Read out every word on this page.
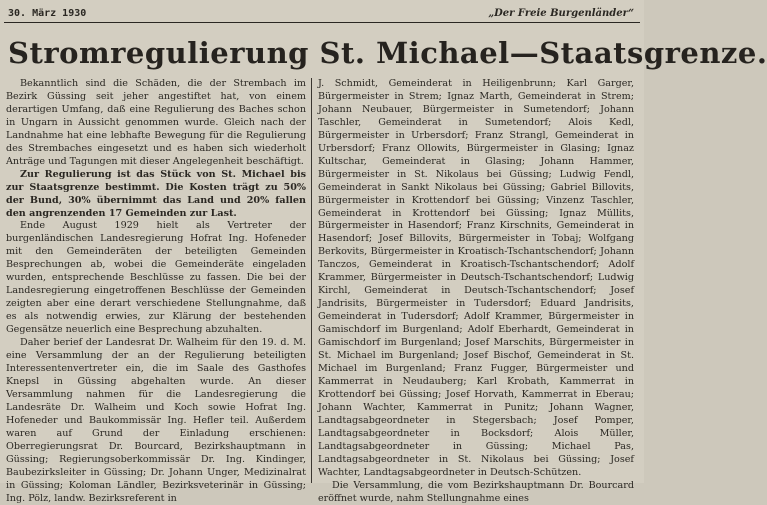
30. März 1930	„Der Freie Burgenländer“
Stromregulierung St. Michael—Staatsgrenze.

Bekanntlich sind die Schäden, die der Strembach im Bezirk Güssing seit jeher angestiftet hat, von einem derartigen Umfang, daß eine Regulierung des Baches schon in Ungarn in Aussicht genommen wurde. Gleich nach der Landnahme hat eine lebhafte Bewegung für die Regulierung des Strembaches eingesetzt und es haben sich wiederholt Anträge und Tagungen mit dieser Angelegenheit beschäftigt.

Zur Regulierung ist das Stück von St. Michael bis zur Staatsgrenze bestimmt. Die Kosten trägt zu 50% der Bund, 30% übernimmt das Land und 20% fallen den angrenzenden 17 Gemeinden zur Last.

Ende August 1929 hielt als Vertreter der burgenländischen Landesregierung Hofrat Ing. Hofeneder mit den Gemeinderäten der beteiligten Gemeinden Besprechungen ab, wobei die Gemeinderäte eingeladen wurden, entsprechende Beschlüsse zu fassen. Die bei der Landesregierung eingetroffenen Beschlüsse der Gemeinden zeigten aber eine derart verschiedene Stellungnahme, daß es als notwendig erwies, zur Klärung der bestehenden Gegensätze neuerlich eine Besprechung abzuhalten.

Daher berief der Landesrat Dr. Walheim für den 19. d. M. eine Versammlung der an der Regulierung beteiligten Interessentenvertreter ein, die im Saale des Gasthofes Knepsl in Güssing abgehalten wurde. An dieser Versammlung nahmen für die Landesregierung die Landesräte Dr. Walheim und Koch sowie Hofrat Ing. Hofeneder und Baukommissär Ing. Hefler teil. Außerdem waren auf Grund der Einladung erschienen: Oberregierungsrat Dr. Bourcard, Bezirkshauptmann in Güssing; Regierungsoberkommissär Dr. Ing. Kindinger, Baubezirksleiter in Güssing; Dr. Johann Unger, Medizinalrat in Güssing; Koloman Ländler, Bezirksveterinär in Güssing; Ing. Pölz, landw. Bezirksreferent in

J. Schmidt, Gemeinderat in Heiligenbrunn; Karl Garger, Bürgermeister in Strem; Ignaz Marth, Gemeinderat in Strem; Johann Neubauer, Bürgermeister in Sumetendorf; Johann Taschler, Gemeinderat in Sumetendorf; Alois Kedl, Bürgermeister in Urbersdorf; Franz Strangl, Gemeinderat in Urbersdorf; Franz Ollowits, Bürgermeister in Glasing; Ignaz Kultschar, Gemeinderat in Glasing; Johann Hammer, Bürgermeister in St. Nikolaus bei Güssing; Ludwig Fendl, Gemeinderat in Sankt Nikolaus bei Güssing; Gabriel Billovits, Bürgermeister in Krottendorf bei Güssing; Vinzenz Taschler, Gemeinderat in Krottendorf bei Güssing; Ignaz Müllits, Bürgermeister in Hasendorf; Franz Kirschnits, Gemeinderat in Hasendorf; Josef Billovits, Bürgermeister in Tobaj; Wolfgang Berkovits, Bürgermeister in Kroatisch-Tschantschendorf; Johann Tanczos, Gemeinderat in Kroatisch-Tschantschendorf; Adolf Krammer, Bürgermeister in Deutsch-Tschantschendorf; Ludwig Kirchl, Gemeinderat in Deutsch-Tschantschendorf; Josef Jandrisits, Bürgermeister in Tudersdorf; Eduard Jandrisits, Gemeinderat in Tudersdorf; Adolf Krammer, Bürgermeister in Gamischdorf im Burgenland; Adolf Eberhardt, Gemeinderat in Gamischdorf im Burgenland; Josef Marschits, Bürgermeister in St. Michael im Burgenland; Josef Bischof, Gemeinderat in St. Michael im Burgenland; Franz Fugger, Bürgermeister und Kammerrat in Neudauberg; Karl Krobath, Kammerrat in Krottendorf bei Güssing; Josef Horvath, Kammerrat in Eberau; Johann Wachter, Kammerrat in Punitz; Johann Wagner, Landtagsabgeordneter in Stegersbach; Josef Pomper, Landtagsabgeordneter in Bocksdorf; Alois Müller, Landtagsabgeordneter in Güssing; Michael Pas, Landtagsabgeordneter in St. Nikolaus bei Güssing; Josef Wachter, Landtagsabgeordneter in Deutsch-Schützen.

Die Versammlung, die vom Bezirkshauptmann Dr. Bourcard eröffnet wurde, nahm Stellungnahme eines
